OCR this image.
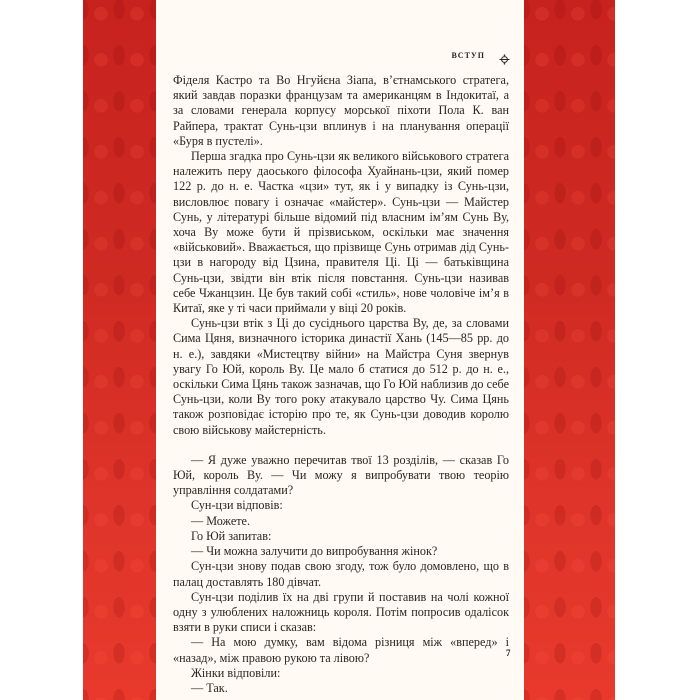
ВСТУП

Фіделя Кастро та Во Нгуйєна Зіапа, в’єтнамського стратега, який завдав поразки французам та американцям в Індокитаї, а за словами генерала корпусу морської піхоти Пола К. ван Райпера, трактат Сунь-цзи вплинув і на планування операції «Буря в пустелі».

Перша згадка про Сунь-цзи як великого військового стратега належить перу даоського філософа Хуайнань-цзи, який помер 122 р. до н. е. Частка «цзи» тут, як і у випадку із Сунь-цзи, висловлює повагу і означає «майстер». Сунь-цзи — Майстер Сунь, у літературі більше відомий під власним ім’ям Сунь Ву, хоча Ву може бути й прізвиськом, оскільки має значення «військовий». Вважається, що прізвище Сунь отримав дід Сунь-цзи в нагороду від Цзина, правителя Ці. Ці — батьківщина Сунь-цзи, звідти він втік після повстання. Сунь-цзи називав себе Чжанцзин. Це був такий собі «стиль», нове чоловіче ім’я в Китаї, яке у ті часи приймали у віці 20 років.

Сунь-цзи втік з Ці до сусіднього царства Ву, де, за словами Сима Цяня, визначного історика династії Хань (145—85 рр. до н. е.), завдяки «Мистецтву війни» на Майстра Суня звернув увагу Го Юй, король Ву. Це мало б статися до 512 р. до н. е., оскільки Сима Цянь також зазначав, що Го Юй наблизив до себе Сунь-цзи, коли Ву того року атакувало царство Чу. Сима Цянь також розповідає історію про те, як Сунь-цзи доводив королю свою військову майстерність.

— Я дуже уважно перечитав твої 13 розділів, — сказав Го Юй, король Ву. — Чи можу я випробувати твою теорію управління солдатами?

Сун-цзи відповів:

— Можете.

Го Юй запитав:

— Чи можна залучити до випробування жінок?

Сун-цзи знову подав свою згоду, тож було домовлено, що в палац доставлять 180 дівчат.

Сун-цзи поділив їх на дві групи й поставив на чолі кожної одну з улюблених наложниць короля. Потім попросив одалісок взяти в руки списи і сказав:

— На мою думку, вам відома різниця між «вперед» і «назад», між правою рукою та лівою?

Жінки відповіли:

— Так.

7
